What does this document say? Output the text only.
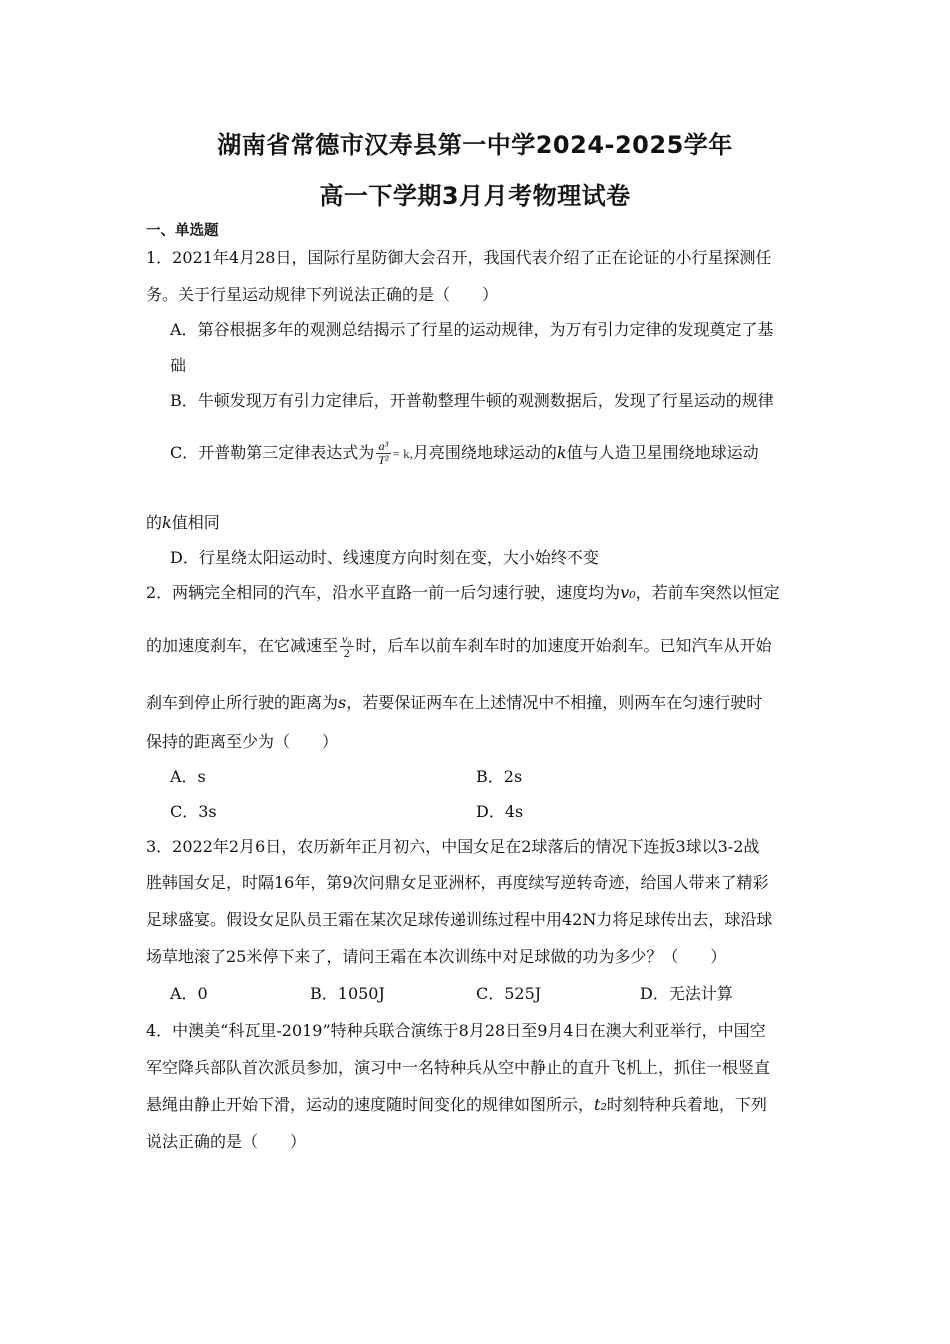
湖南省常德市汉寿县第一中学2024-2025学年
高一下学期3月月考物理试卷
一、单选题
1．2021年4月28日，国际行星防御大会召开，我国代表介绍了正在论证的小行星探测任
务。关于行星运动规律下列说法正确的是（　　）
A．第谷根据多年的观测总结揭示了行星的运动规律，为万有引力定律的发现奠定了基
础
B．牛顿发现万有引力定律后，开普勒整理牛顿的观测数据后，发现了行星运动的规律
C．开普勒第三定律表达式为 $\frac{\text{a³}}{\text{T²}} = k$,月亮围绕地球运动的k值与人造卫星围绕地球运动
的k值相同
D．行星绕太阳运动时、线速度方向时刻在变，大小始终不变
2．两辆完全相同的汽车，沿水平直路一前一后匀速行驶，速度均为v₀，若前车突然以恒定
的加速度刹车，在它减速至 $\frac{\text{v₀}}{2}$ 时，后车以前车刹车时的加速度开始刹车。已知汽车从开始
刹车到停止所行驶的距离为s，若要保证两车在上述情况中不相撞，则两车在匀速行驶时
保持的距离至少为（　　）
A．s	B．2s
C．3s	D．4s
3．2022年2月6日，农历新年正月初六，中国女足在2球落后的情况下连扳3球以3-2战
胜韩国女足，时隔16年，第9次问鼎女足亚洲杯，再度续写逆转奇迹，给国人带来了精彩
足球盛宴。假设女足队员王霜在某次足球传递训练过程中用42N力将足球传出去，球沿球
场草地滚了25米停下来了，请问王霜在本次训练中对足球做的功为多少？（　　）
A．0	B．1050J	C．525J	D．无法计算
4．中澳美“科瓦里-2019”特种兵联合演练于8月28日至9月4日在澳大利亚举行，中国空
军空降兵部队首次派员参加，演习中一名特种兵从空中静止的直升飞机上，抓住一根竖直
悬绳由静止开始下滑，运动的速度随时间变化的规律如图所示，t₂时刻特种兵着地，下列
说法正确的是（　　）
